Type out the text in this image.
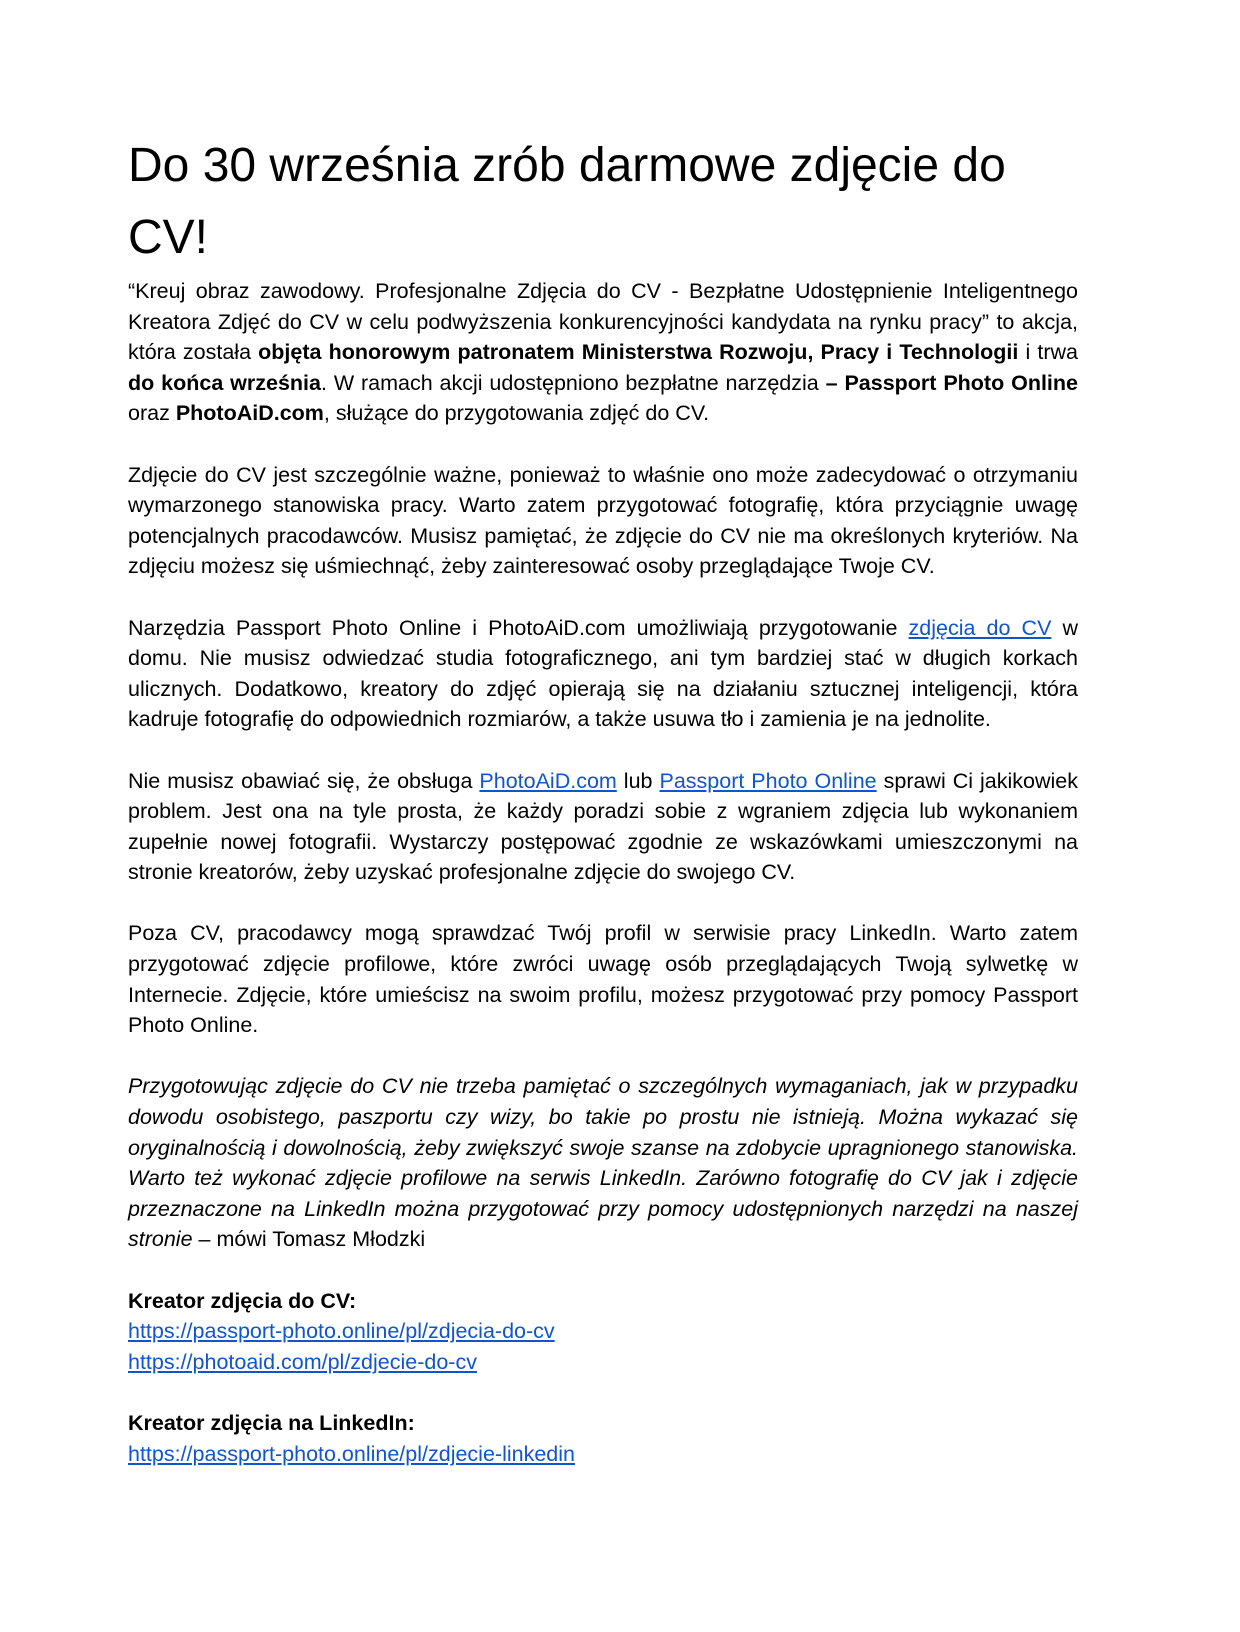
Do 30 września zrób darmowe zdjęcie do CV!

“Kreuj obraz zawodowy. Profesjonalne Zdjęcia do CV - Bezpłatne Udostępnienie Inteligentnego Kreatora Zdjęć do CV w celu podwyższenia konkurencyjności kandydata na rynku pracy” to akcja, która została objęta honorowym patronatem Ministerstwa Rozwoju, Pracy i Technologii i trwa do końca września. W ramach akcji udostępniono bezpłatne narzędzia – Passport Photo Online oraz PhotoAiD.com, służące do przygotowania zdjęć do CV.

Zdjęcie do CV jest szczególnie ważne, ponieważ to właśnie ono może zadecydować o otrzymaniu wymarzonego stanowiska pracy. Warto zatem przygotować fotografię, która przyciągnie uwagę potencjalnych pracodawców. Musisz pamiętać, że zdjęcie do CV nie ma określonych kryteriów. Na zdjęciu możesz się uśmiechnąć, żeby zainteresować osoby przeglądające Twoje CV.

Narzędzia Passport Photo Online i PhotoAiD.com umożliwiają przygotowanie zdjęcia do CV w domu. Nie musisz odwiedzać studia fotograficznego, ani tym bardziej stać w długich korkach ulicznych. Dodatkowo, kreatory do zdjęć opierają się na działaniu sztucznej inteligencji, która kadruje fotografię do odpowiednich rozmiarów, a także usuwa tło i zamienia je na jednolite.

Nie musisz obawiać się, że obsługa PhotoAiD.com lub Passport Photo Online sprawi Ci jakikowiek problem. Jest ona na tyle prosta, że każdy poradzi sobie z wgraniem zdjęcia lub wykonaniem zupełnie nowej fotografii. Wystarczy postępować zgodnie ze wskazówkami umieszczonymi na stronie kreatorów, żeby uzyskać profesjonalne zdjęcie do swojego CV.

Poza CV, pracodawcy mogą sprawdzać Twój profil w serwisie pracy LinkedIn. Warto zatem przygotować zdjęcie profilowe, które zwróci uwagę osób przeglądających Twoją sylwetkę w Internecie. Zdjęcie, które umieścisz na swoim profilu, możesz przygotować przy pomocy Passport Photo Online.

Przygotowując zdjęcie do CV nie trzeba pamiętać o szczególnych wymaganiach, jak w przypadku dowodu osobistego, paszportu czy wizy, bo takie po prostu nie istnieją. Można wykazać się oryginalnością i dowolnością, żeby zwiększyć swoje szanse na zdobycie upragnionego stanowiska. Warto też wykonać zdjęcie profilowe na serwis LinkedIn. Zarówno fotografię do CV jak i zdjęcie przeznaczone na LinkedIn można przygotować przy pomocy udostępnionych narzędzi na naszej stronie – mówi Tomasz Młodzki

Kreator zdjęcia do CV:
https://passport-photo.online/pl/zdjecia-do-cv
https://photoaid.com/pl/zdjecie-do-cv
Kreator zdjęcia na LinkedIn:
https://passport-photo.online/pl/zdjecie-linkedin
